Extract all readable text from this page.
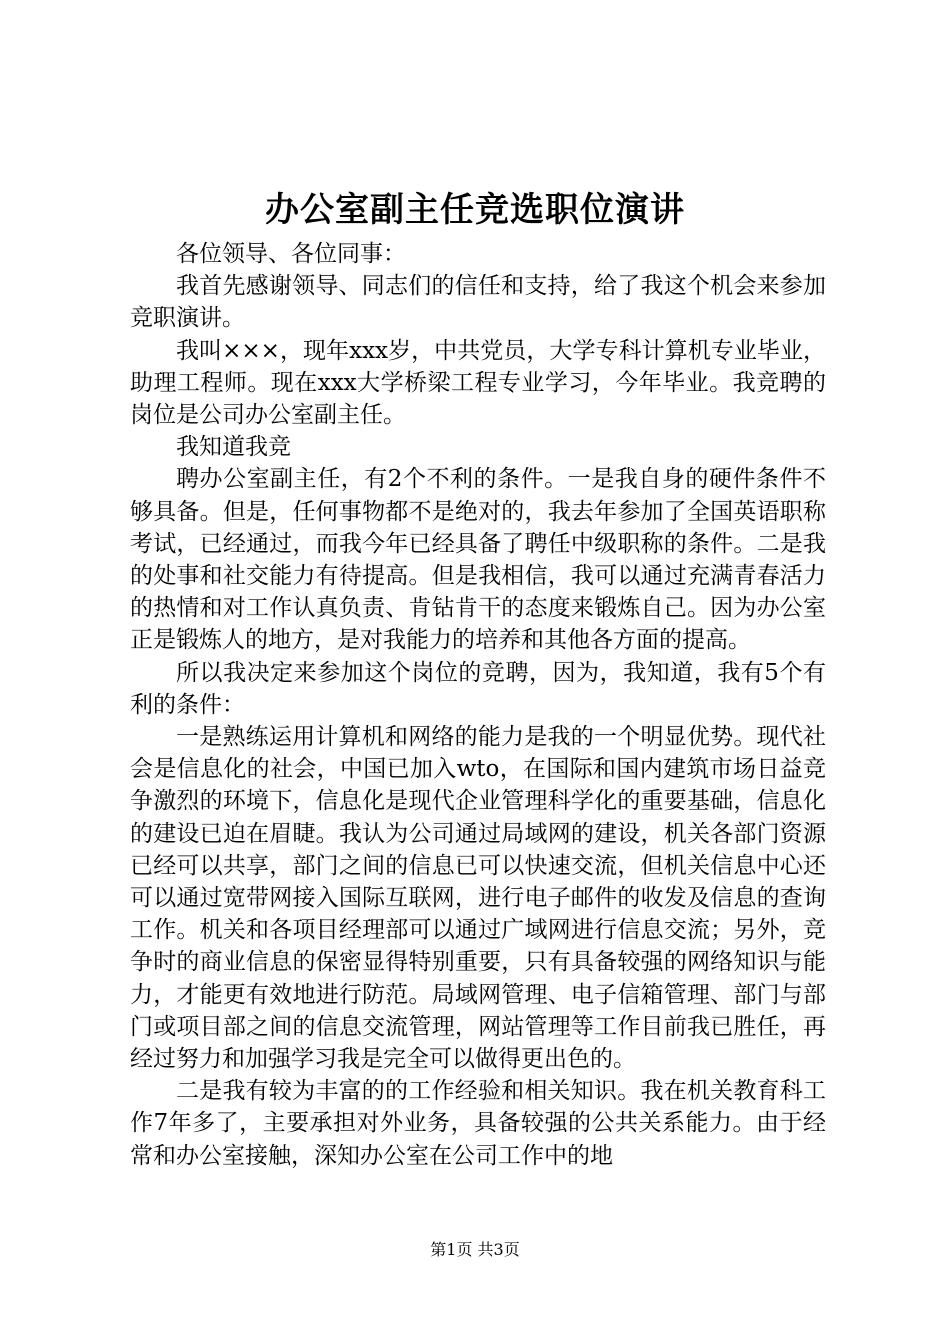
办公室副主任竞选职位演讲

各位领导、各位同事：

我首先感谢领导、同志们的信任和支持，给了我这个机会来参加竞职演讲。

我叫×××，现年xxx岁，中共党员，大学专科计算机专业毕业，助理工程师。现在xxx大学桥梁工程专业学习，今年毕业。我竞聘的岗位是公司办公室副主任。

我知道我竞

聘办公室副主任，有2个不利的条件。一是我自身的硬件条件不够具备。但是，任何事物都不是绝对的，我去年参加了全国英语职称考试，已经通过，而我今年已经具备了聘任中级职称的条件。二是我的处事和社交能力有待提高。但是我相信，我可以通过充满青春活力的热情和对工作认真负责、肯钻肯干的态度来锻炼自己。因为办公室正是锻炼人的地方，是对我能力的培养和其他各方面的提高。

所以我决定来参加这个岗位的竞聘，因为，我知道，我有5个有利的条件：

一是熟练运用计算机和网络的能力是我的一个明显优势。现代社会是信息化的社会，中国已加入wto，在国际和国内建筑市场日益竞争激烈的环境下，信息化是现代企业管理科学化的重要基础，信息化的建设已迫在眉睫。我认为公司通过局域网的建设，机关各部门资源已经可以共享，部门之间的信息已可以快速交流，但机关信息中心还可以通过宽带网接入国际互联网，进行电子邮件的收发及信息的查询工作。机关和各项目经理部可以通过广域网进行信息交流；另外，竞争时的商业信息的保密显得特别重要，只有具备较强的网络知识与能力，才能更有效地进行防范。局域网管理、电子信箱管理、部门与部门或项目部之间的信息交流管理，网站管理等工作目前我已胜任，再经过努力和加强学习我是完全可以做得更出色的。

二是我有较为丰富的的工作经验和相关知识。我在机关教育科工作7年多了，主要承担对外业务，具备较强的公共关系能力。由于经常和办公室接触，深知办公室在公司工作中的地

第1页 共3页
